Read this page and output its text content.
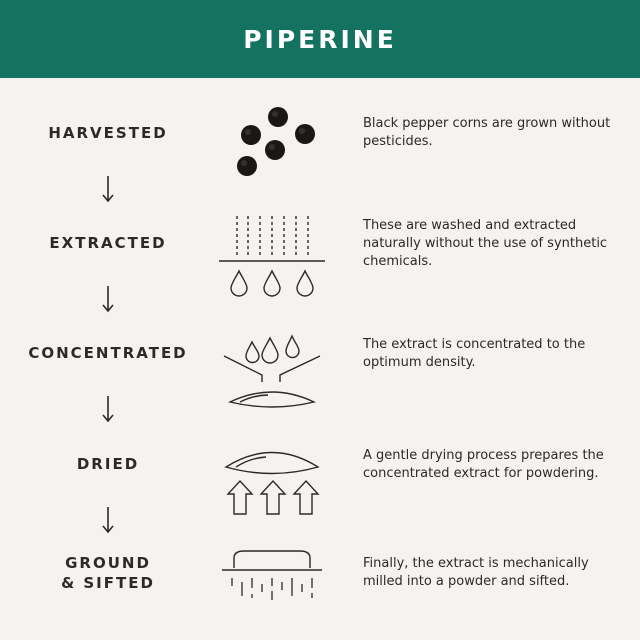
PIPERINE
HARVESTED
Black pepper corns are grown without pesticides.
EXTRACTED
These are washed and extracted naturally without the use of synthetic chemicals.
CONCENTRATED	The extract is concentrated to the optimum density.
DRIED	A gentle drying process prepares the concentrated extract for powdering.
GROUND
& SIFTED
Finally, the extract is mechanically milled into a powder and sifted.
